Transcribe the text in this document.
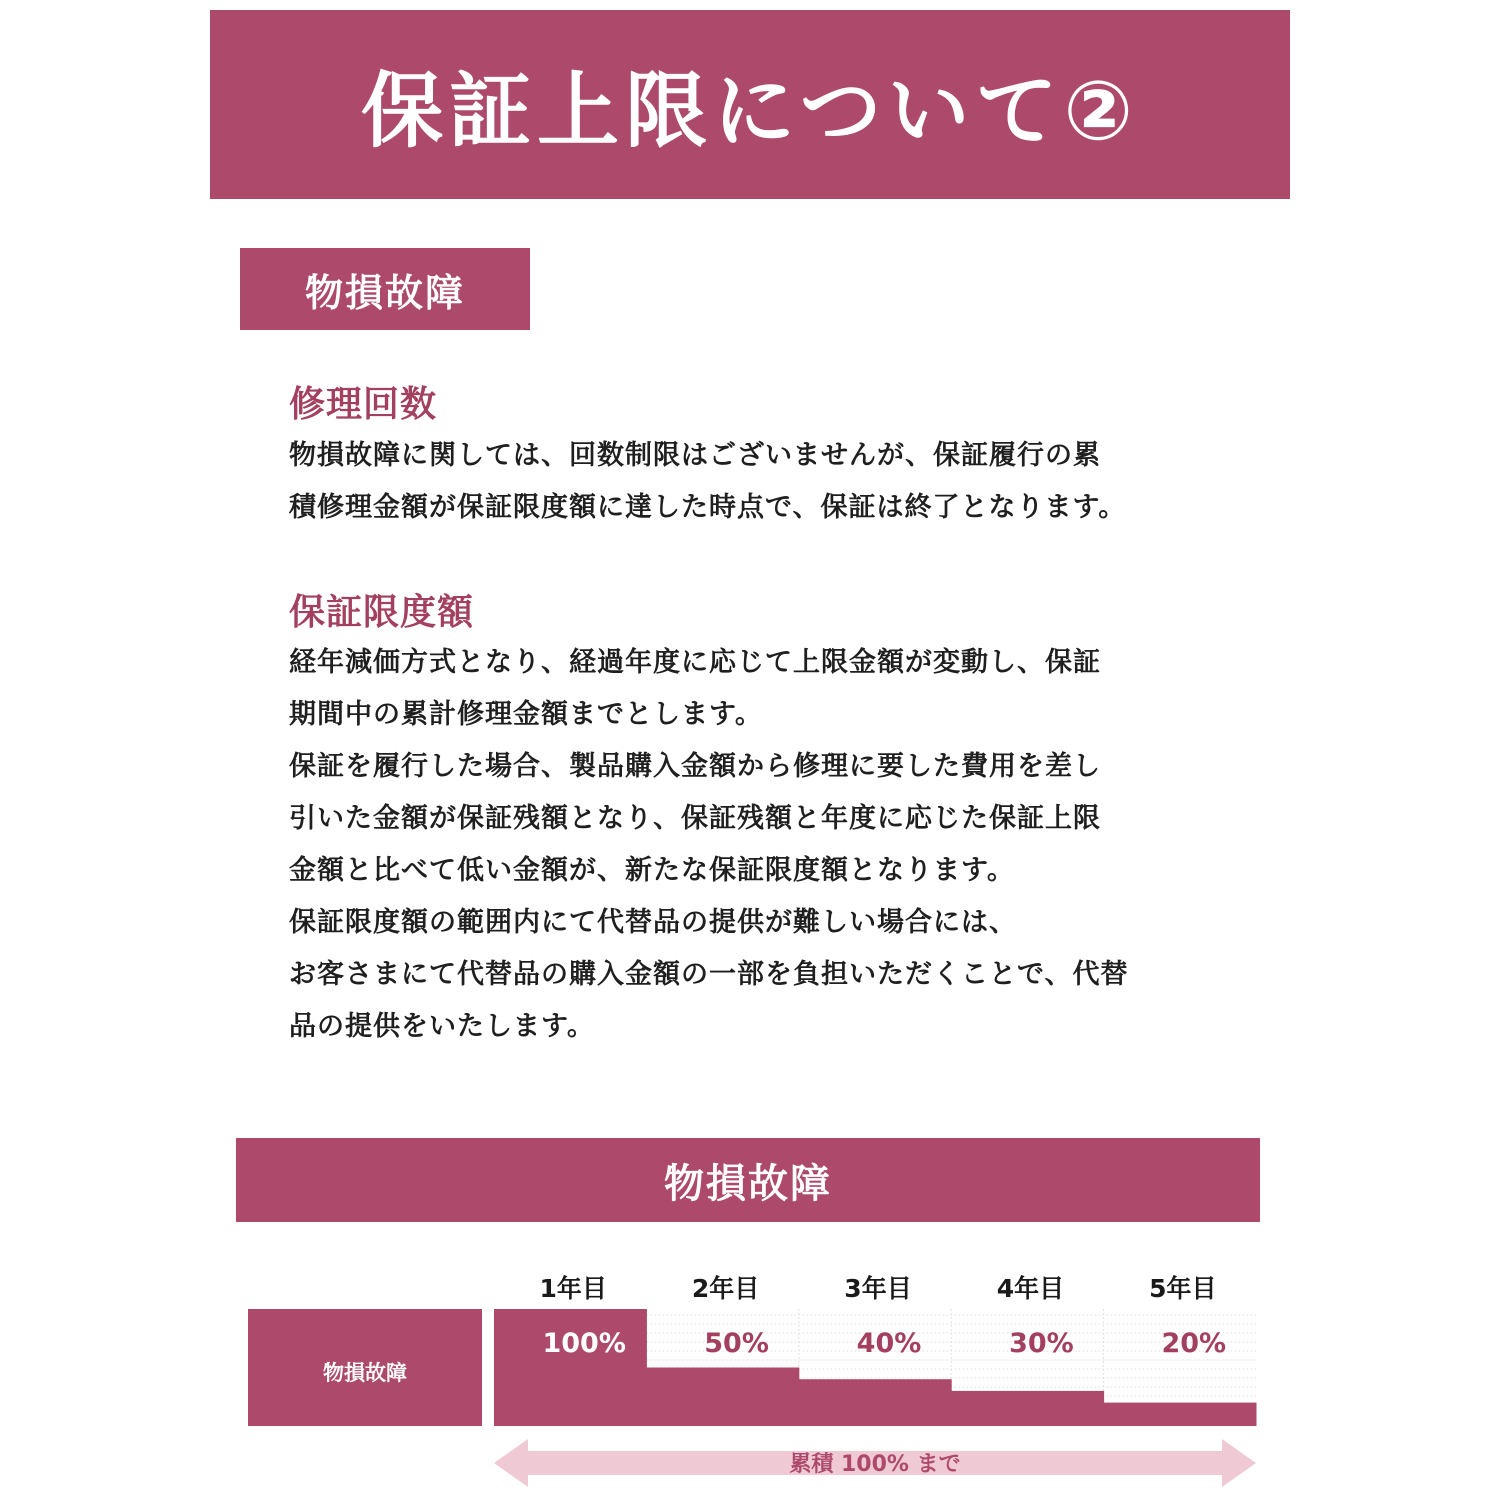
保証上限について②
物損故障
修理回数

物損故障に関しては、回数制限はございませんが、保証履行の累

積修理金額が保証限度額に達した時点で、保証は終了となります。

保証限度額

経年減価方式となり、経過年度に応じて上限金額が変動し、保証

期間中の累計修理金額までとします。

保証を履行した場合、製品購入金額から修理に要した費用を差し

引いた金額が保証残額となり、保証残額と年度に応じた保証上限

金額と比べて低い金額が、新たな保証限度額となります。

保証限度額の範囲内にて代替品の提供が難しい場合には、

お客さまにて代替品の購入金額の一部を負担いただくことで、代替

品の提供をいたします。

物損故障
物損故障
1年目
100%
2年目
50%
3年目
40%
4年目
30%
5年目
20%
累積 100% まで
